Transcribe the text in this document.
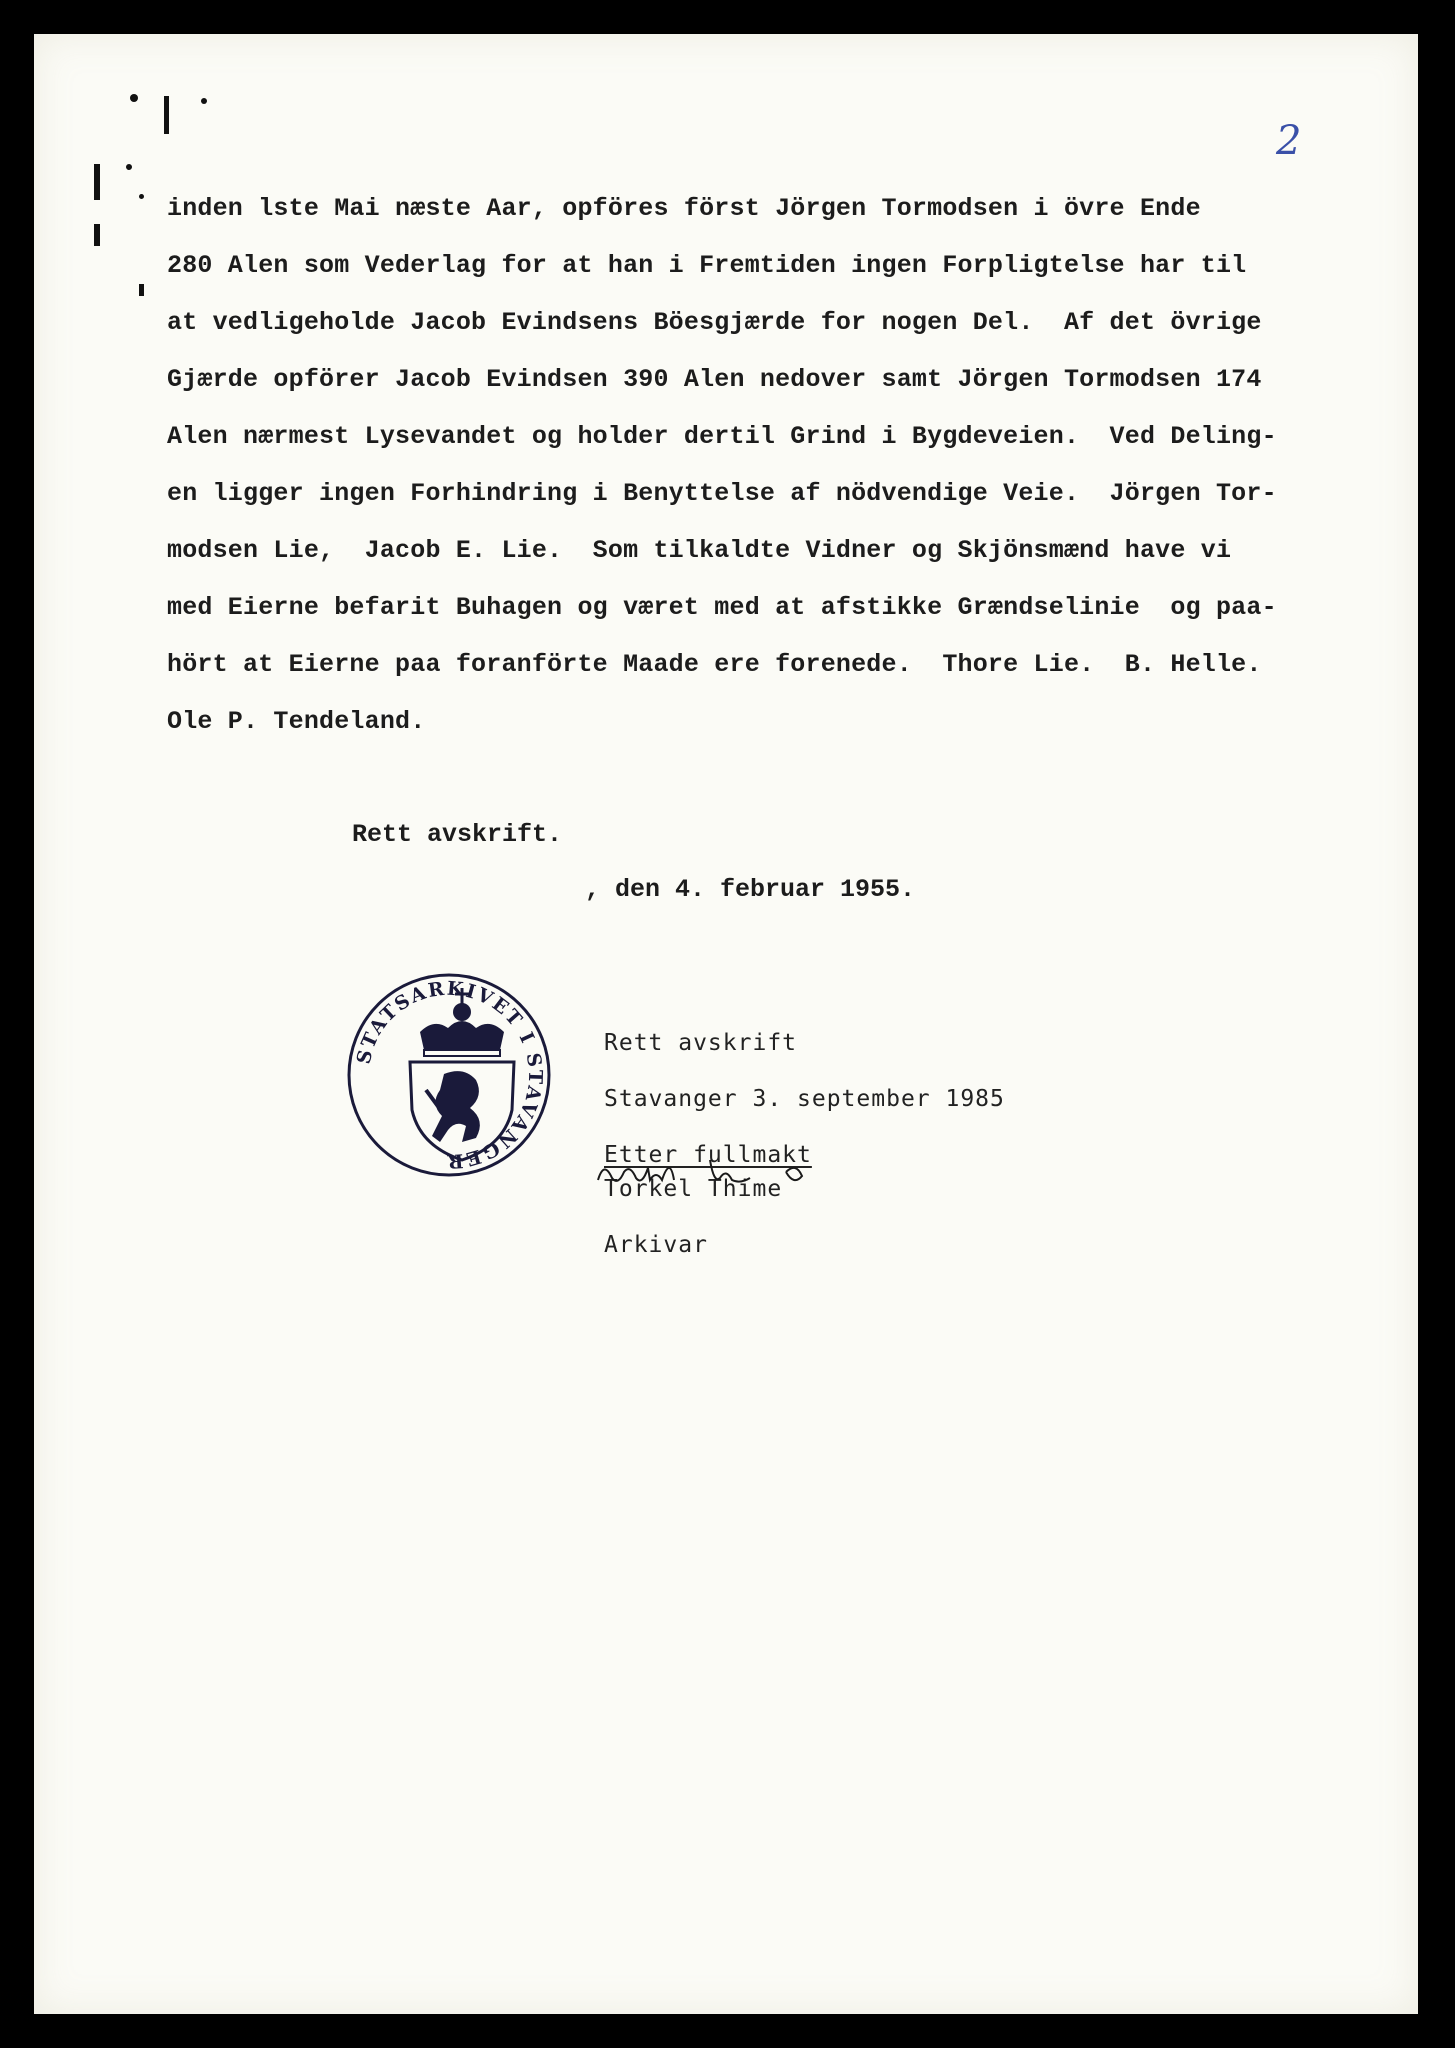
2
inden lste Mai næste Aar, opföres först Jörgen Tormodsen i övre Ende
280 Alen som Vederlag for at han i Fremtiden ingen Forpligtelse har til
at vedligeholde Jacob Evindsens Böesgjærde for nogen Del.  Af det övrige
Gjærde opförer Jacob Evindsen 390 Alen nedover samt Jörgen Tormodsen 174
Alen nærmest Lysevandet og holder dertil Grind i Bygdeveien.  Ved Deling-
en ligger ingen Forhindring i Benyttelse af nödvendige Veie.  Jörgen Tor-
modsen Lie,  Jacob E. Lie.  Som tilkaldte Vidner og Skjönsmænd have vi
med Eierne befarit Buhagen og været med at afstikke Grændselinie  og paa-
hört at Eierne paa foranförte Maade ere forenede.  Thore Lie.  B. Helle.
Ole P. Tendeland.
Rett avskrift.
, den 4. februar 1955.
STATSARKIVET I STAVANGER
Rett avskrift
Stavanger 3. september 1985
Etter fullmakt
Torkel Thime
Arkivar
